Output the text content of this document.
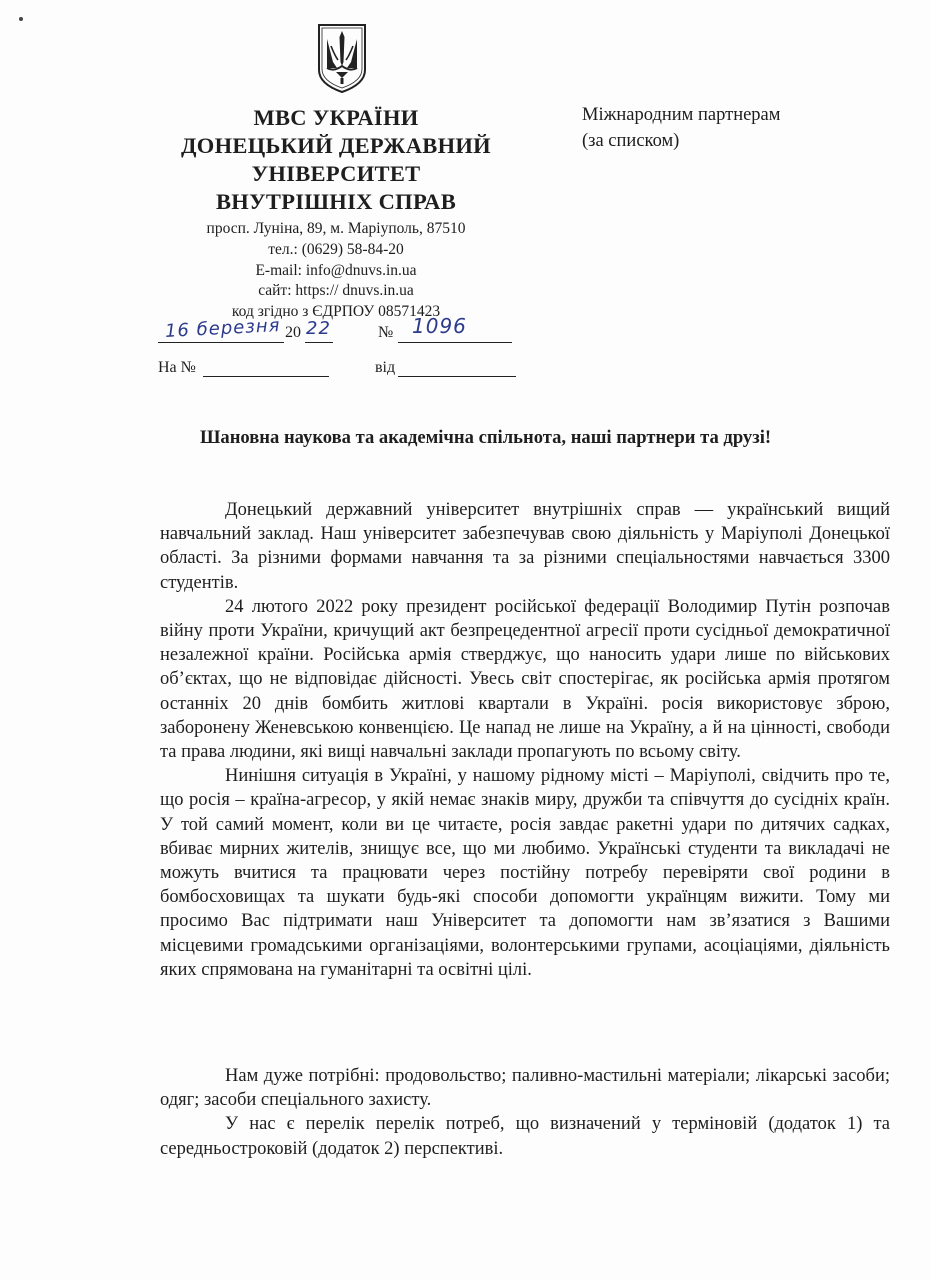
МВС УКРАЇНИ
ДОНЕЦЬКИЙ ДЕРЖАВНИЙ
УНІВЕРСИТЕТ
ВНУТРІШНІХ СПРАВ
просп. Луніна, 89, м. Маріуполь, 87510
тел.: (0629) 58-84-20
E-mail: info@dnuvs.in.ua
сайт: https:// dnuvs.in.ua
код згідно з ЄДРПОУ 08571423
Міжнародним партнерам
(за списком)
16 березня 20 22	№ 1096
На №	від
Шановна наукова та академічна спільнота, наші партнери та друзі!

Донецький державний університет внутрішніх справ — український вищий навчальний заклад. Наш університет забезпечував свою діяльність у Маріуполі Донецької області. За різними формами навчання та за різними спеціальностями навчається 3300 студентів.

24 лютого 2022 року президент російської федерації Володимир Путін розпочав війну проти України, кричущий акт безпрецедентної агресії проти сусідньої демократичної незалежної країни. Російська армія стверджує, що наносить удари лише по військових об’єктах, що не відповідає дійсності. Увесь світ спостерігає, як російська армія протягом останніх 20 днів бомбить житлові квартали в Україні. росія використовує зброю, заборонену Женевською конвенцією. Це напад не лише на Україну, а й на цінності, свободи та права людини, які вищі навчальні заклади пропагують по всьому світу.

Нинішня ситуація в Україні, у нашому рідному місті – Маріуполі, свідчить про те, що росія – країна-агресор, у якій немає знаків миру, дружби та співчуття до сусідніх країн. У той самий момент, коли ви це читаєте, росія завдає ракетні удари по дитячих садках, вбиває мирних жителів, знищує все, що ми любимо. Українські студенти та викладачі не можуть вчитися та працювати через постійну потребу перевіряти свої родини в бомбосховищах та шукати будь-які способи допомогти українцям вижити. Тому ми просимо Вас підтримати наш Університет та допомогти нам зв’язатися з Вашими місцевими громадськими організаціями, волонтерськими групами, асоціаціями, діяльність яких спрямована на гуманітарні та освітні цілі.

Нам дуже потрібні: продовольство; паливно-мастильні матеріали; лікарські засоби; одяг; засоби спеціального захисту.

У нас є перелік перелік потреб, що визначений у терміновій (додаток 1) та середньостроковій (додаток 2) перспективі.
